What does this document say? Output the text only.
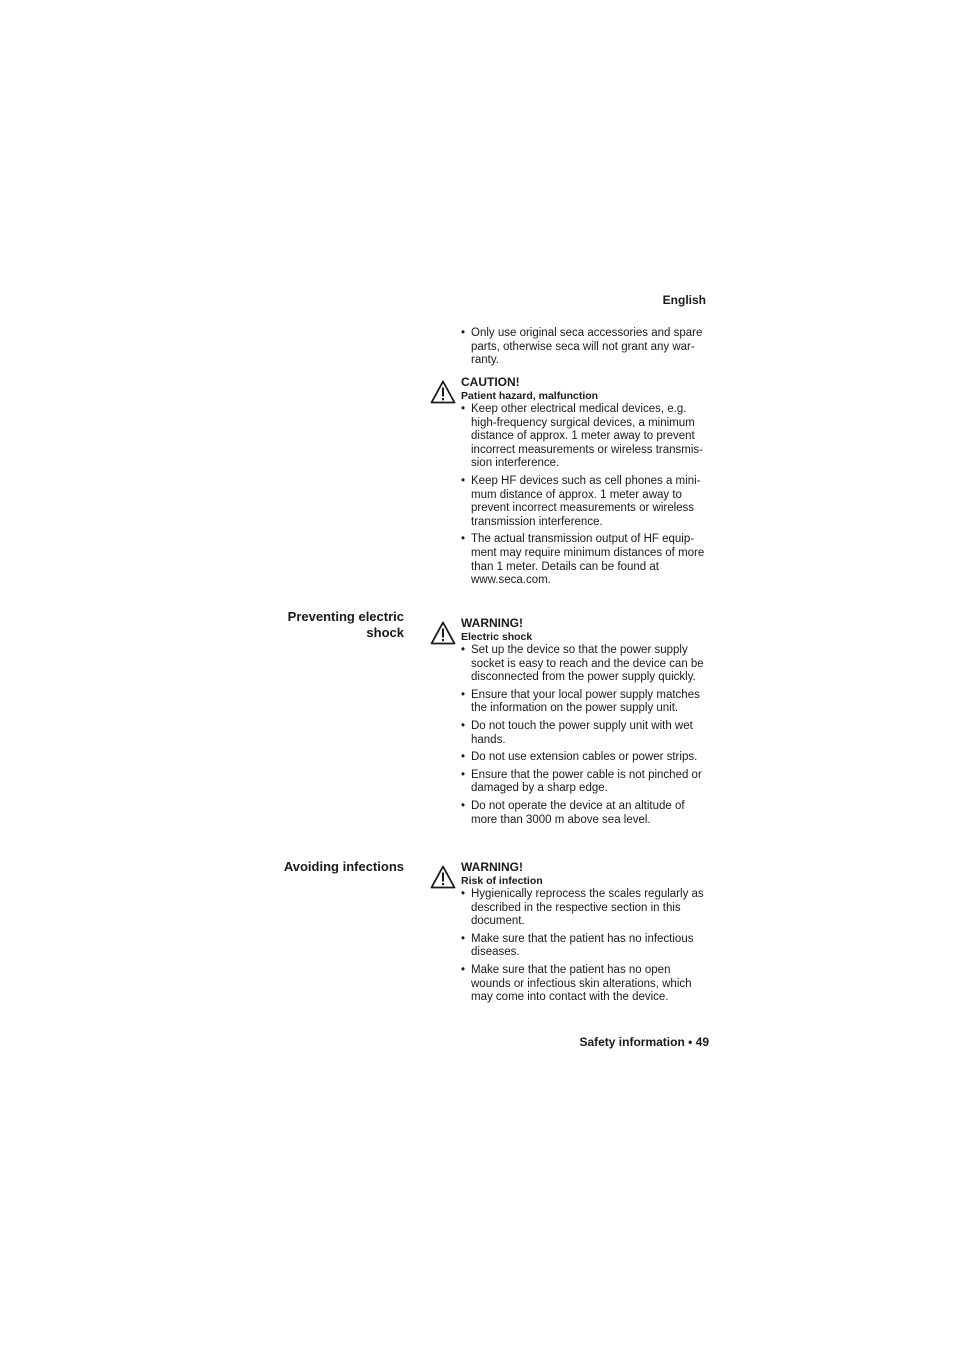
English
• Only use original seca accessories and spare parts, otherwise seca will not grant any war-ranty.
CAUTION!
Patient hazard, malfunction
• Keep other electrical medical devices, e.g. high-frequency surgical devices, a minimum distance of approx. 1 meter away to prevent incorrect measurements or wireless transmis-sion interference.
• Keep HF devices such as cell phones a mini-mum distance of approx. 1 meter away to prevent incorrect measurements or wireless transmission interference.
• The actual transmission output of HF equip-ment may require minimum distances of more than 1 meter. Details can be found at www.seca.com.
Preventing electric
shock
WARNING!
Electric shock
• Set up the device so that the power supply socket is easy to reach and the device can be disconnected from the power supply quickly.
• Ensure that your local power supply matches the information on the power supply unit.
• Do not touch the power supply unit with wet hands.
• Do not use extension cables or power strips.
• Ensure that the power cable is not pinched or damaged by a sharp edge.
• Do not operate the device at an altitude of more than 3000 m above sea level.
Avoiding infections	WARNING!
Risk of infection
• Hygienically reprocess the scales regularly as described in the respective section in this document.
• Make sure that the patient has no infectious diseases.
• Make sure that the patient has no open wounds or infectious skin alterations, which may come into contact with the device.
Safety information • 49
